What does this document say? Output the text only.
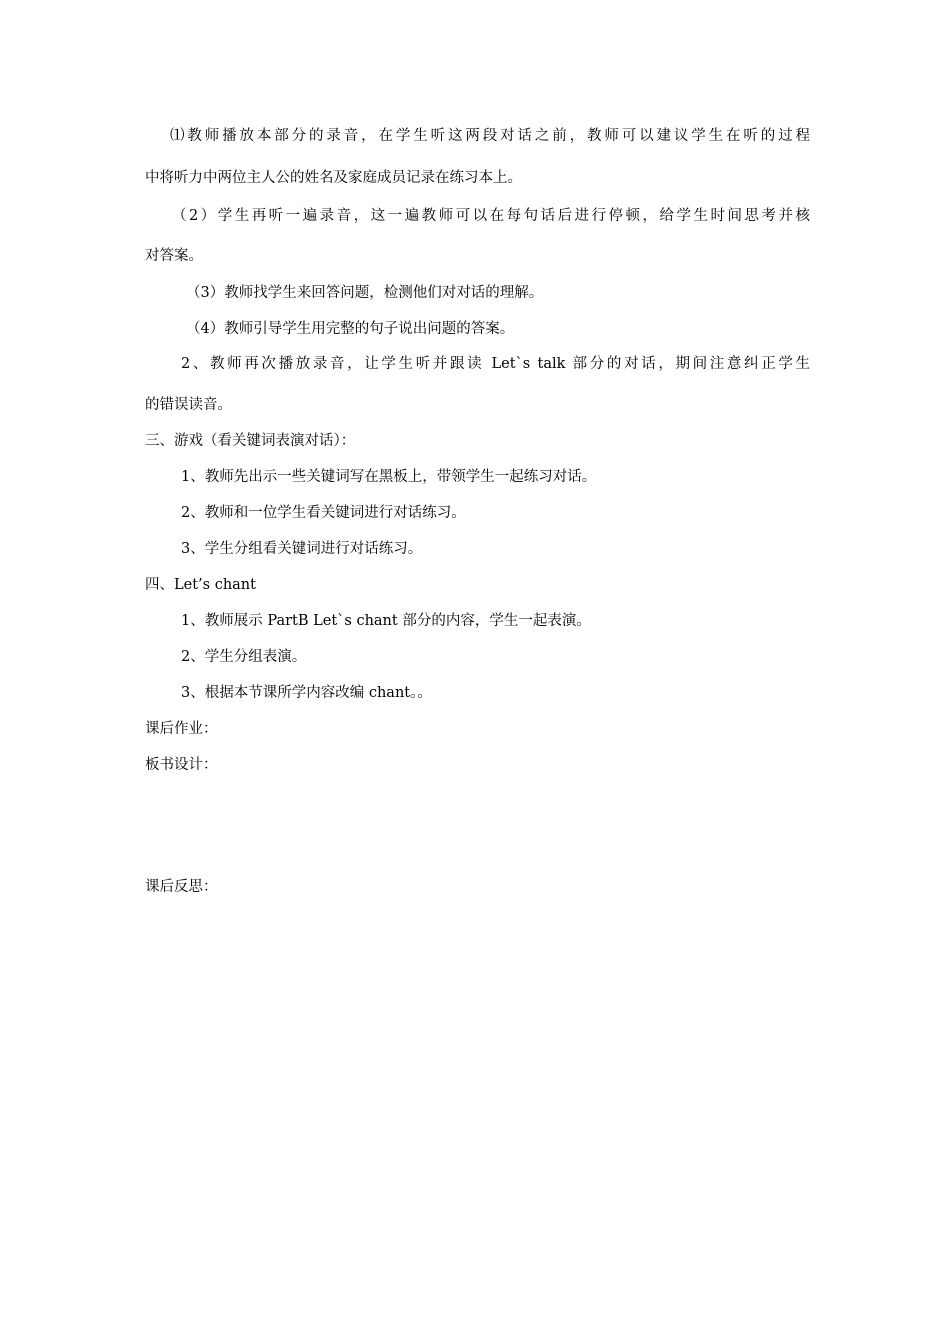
⑴教师播放本部分的录音，在学生听这两段对话之前，教师可以建议学生在听的过程
中将听力中两位主人公的姓名及家庭成员记录在练习本上。
（2）学生再听一遍录音，这一遍教师可以在每句话后进行停顿，给学生时间思考并核
对答案。
（3）教师找学生来回答问题，检测他们对对话的理解。
（4）教师引导学生用完整的句子说出问题的答案。
2、教师再次播放录音，让学生听并跟读 Let`s talk 部分的对话，期间注意纠正学生
的错误读音。
三、游戏（看关键词表演对话）：
1、教师先出示一些关键词写在黑板上，带领学生一起练习对话。
2、教师和一位学生看关键词进行对话练习。
3、学生分组看关键词进行对话练习。
四、Let’s chant
1、教师展示 PartB Let`s chant 部分的内容，学生一起表演。
2、学生分组表演。
3、根据本节课所学内容改编 chant。。
课后作业：
板书设计：
课后反思：
